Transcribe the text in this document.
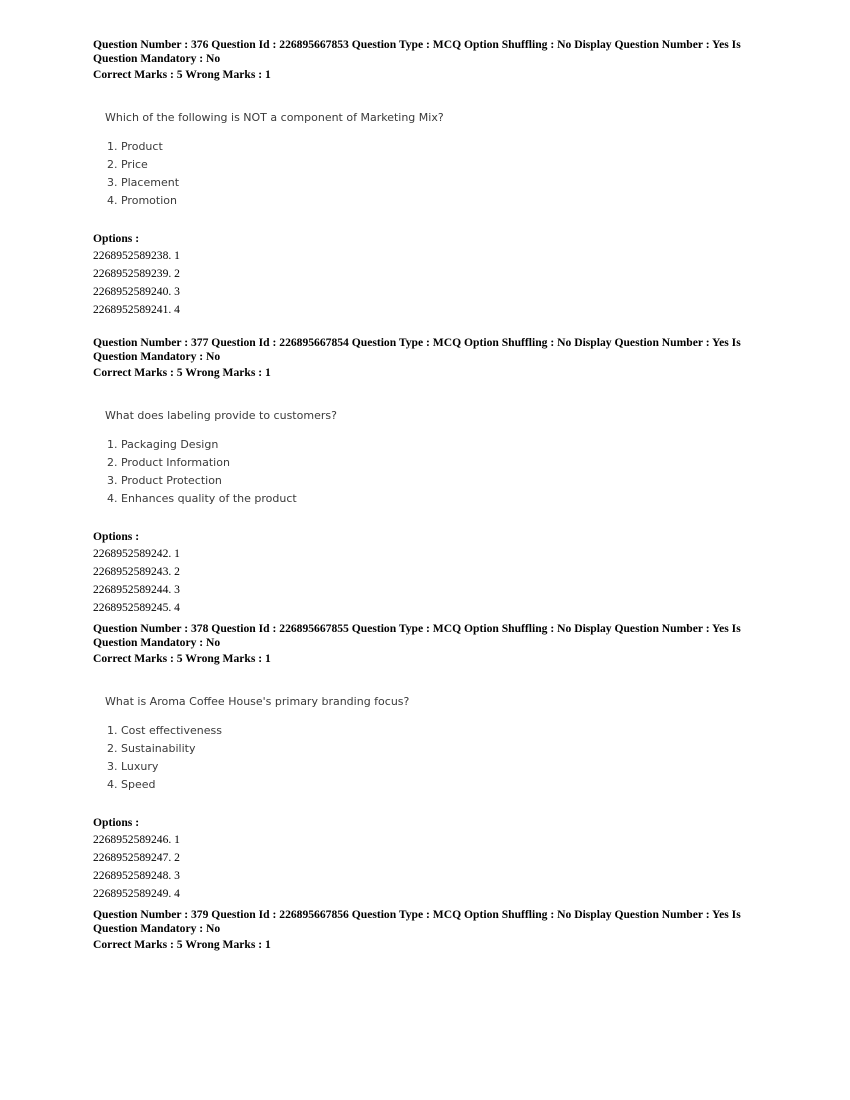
Question Number : 376 Question Id : 226895667853 Question Type : MCQ Option Shuffling : No Display Question Number : Yes Is Question Mandatory : No

Correct Marks : 5 Wrong Marks : 1
Which of the following is NOT a component of Marketing Mix?
1. Product
2. Price
3. Placement
4. Promotion
Options :
2268952589238. 1
2268952589239. 2
2268952589240. 3
2268952589241. 4

Question Number : 377 Question Id : 226895667854 Question Type : MCQ Option Shuffling : No Display Question Number : Yes Is Question Mandatory : No

Correct Marks : 5 Wrong Marks : 1
What does labeling provide to customers?
1. Packaging Design
2. Product Information
3. Product Protection
4. Enhances quality of the product
Options :
2268952589242. 1
2268952589243. 2
2268952589244. 3
2268952589245. 4

Question Number : 378 Question Id : 226895667855 Question Type : MCQ Option Shuffling : No Display Question Number : Yes Is Question Mandatory : No

Correct Marks : 5 Wrong Marks : 1
What is Aroma Coffee House's primary branding focus?
1. Cost effectiveness
2. Sustainability
3. Luxury
4. Speed
Options :
2268952589246. 1
2268952589247. 2
2268952589248. 3
2268952589249. 4

Question Number : 379 Question Id : 226895667856 Question Type : MCQ Option Shuffling : No Display Question Number : Yes Is Question Mandatory : No

Correct Marks : 5 Wrong Marks : 1
